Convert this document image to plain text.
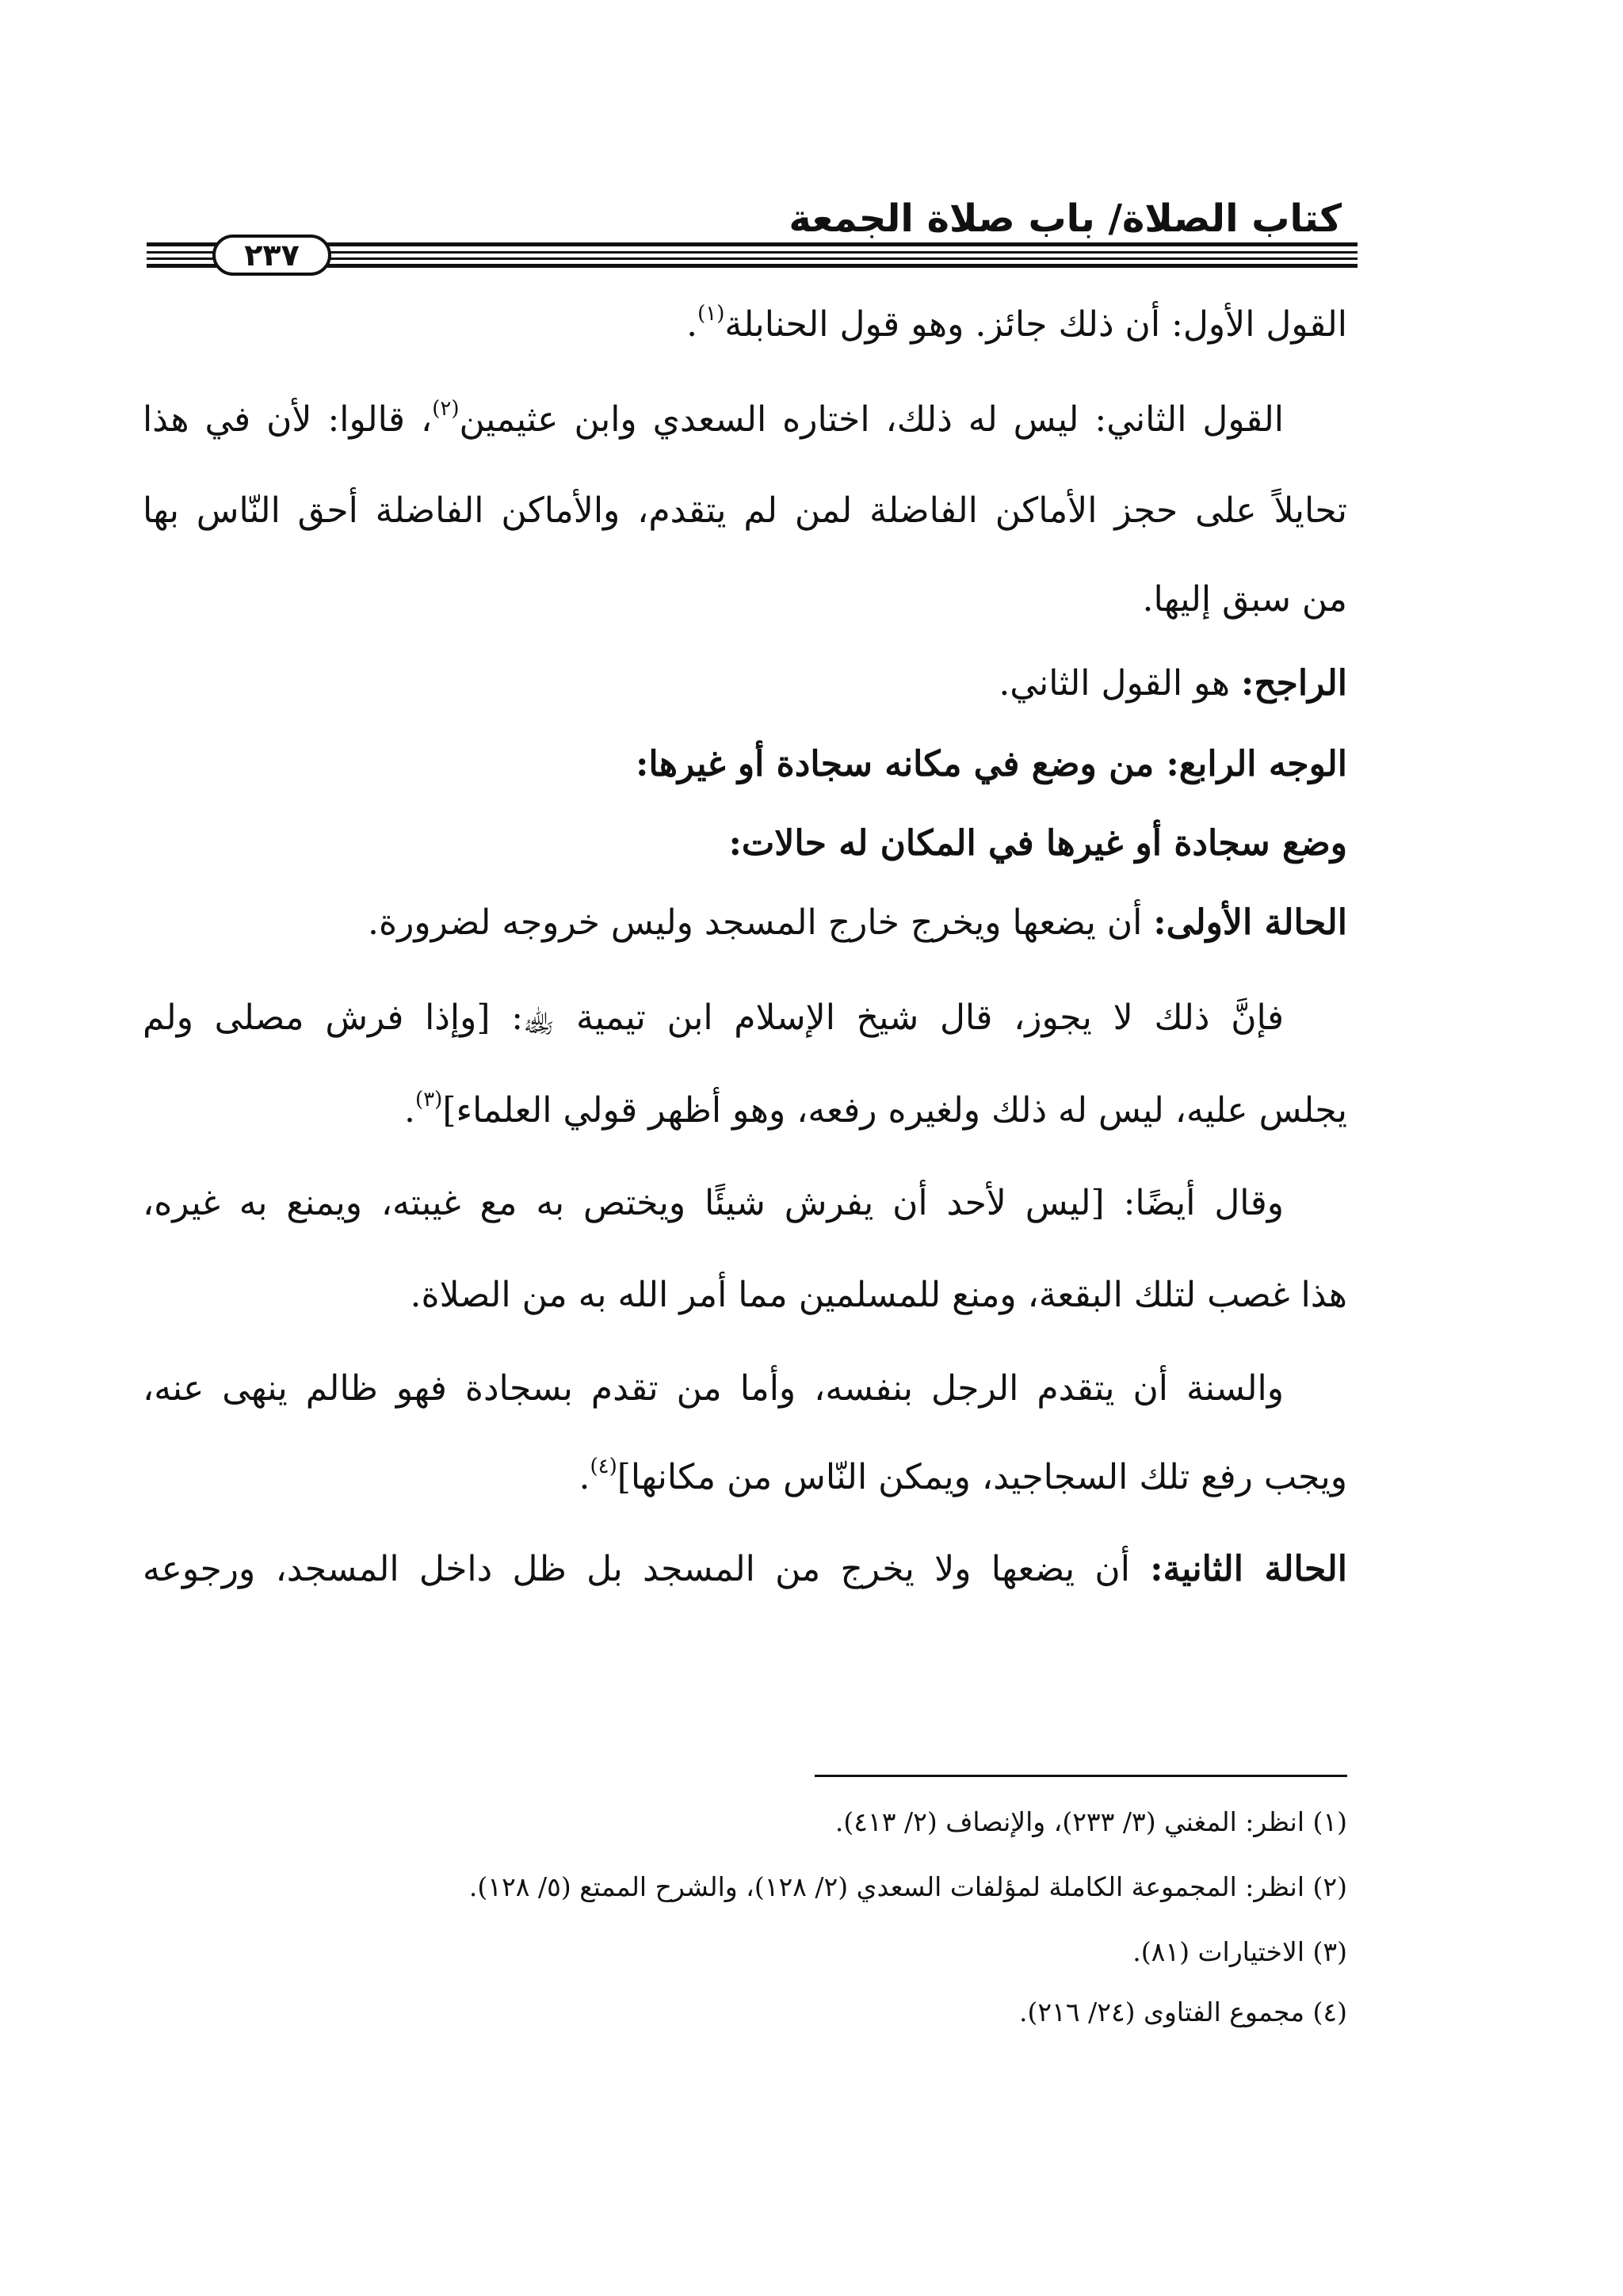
كتاب الصلاة/ باب صلاة الجمعة
٢٣٧
القول الأول: أن ذلك جائز. وهو قول الحنابلة$^{(١)}$.
القول الثاني: ليس له ذلك، اختاره السعدي وابن عثيمين$^{(٢)}$، قالوا: لأن في هذا
تحايلاً على حجز الأماكن الفاضلة لمن لم يتقدم، والأماكن الفاضلة أحق النّاس بها
من سبق إليها.
الراجح: هو القول الثاني.
الوجه الرابع: من وضع في مكانه سجادة أو غيرها:
وضع سجادة أو غيرها في المكان له حالات:
الحالة الأولى: أن يضعها ويخرج خارج المسجد وليس خروجه لضرورة.
فإنَّ ذلك لا يجوز، قال شيخ الإسلام ابن تيمية ﵀: [وإذا فرش مصلى ولم
يجلس عليه، ليس له ذلك ولغيره رفعه، وهو أظهر قولي العلماء]$^{(٣)}$.
وقال أيضًا: [ليس لأحد أن يفرش شيئًا ويختص به مع غيبته، ويمنع به غيره،
هذا غصب لتلك البقعة، ومنع للمسلمين مما أمر الله به من الصلاة.
والسنة أن يتقدم الرجل بنفسه، وأما من تقدم بسجادة فهو ظالم ينهى عنه،
ويجب رفع تلك السجاجيد، ويمكن النّاس من مكانها]$^{(٤)}$.
الحالة الثانية: أن يضعها ولا يخرج من المسجد بل ظل داخل المسجد، ورجوعه
(١) انظر: المغني (٣/ ٢٣٣)، والإنصاف (٢/ ٤١٣).
(٢) انظر: المجموعة الكاملة لمؤلفات السعدي (٢/ ١٢٨)، والشرح الممتع (٥/ ١٢٨).
(٣) الاختيارات (٨١).
(٤) مجموع الفتاوى (٢٤/ ٢١٦).
